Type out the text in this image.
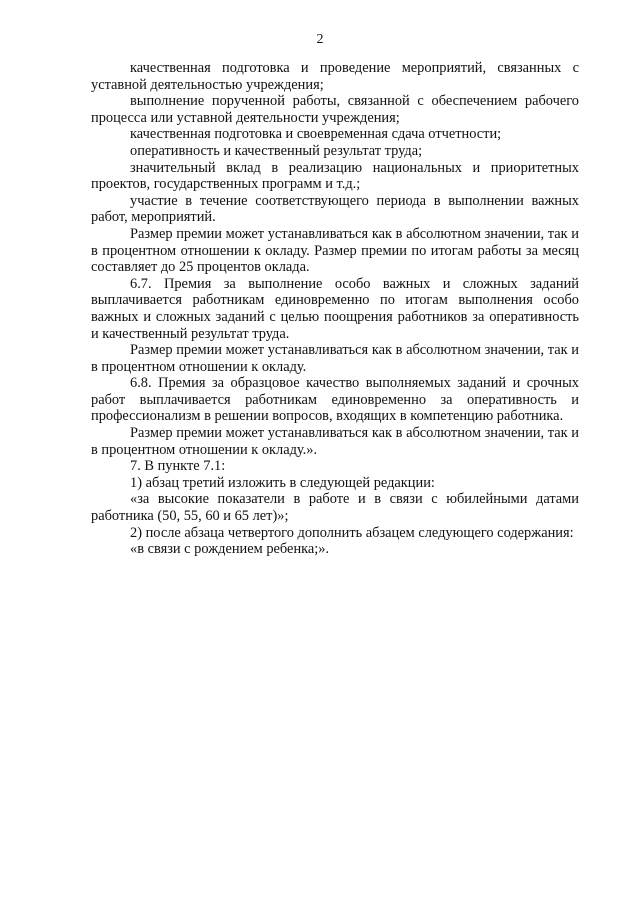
2

качественная подготовка и проведение мероприятий, связанных с уставной деятельностью учреждения;

выполнение порученной работы, связанной с обеспечением рабочего процесса или уставной деятельности учреждения;

качественная подготовка и своевременная сдача отчетности;

оперативность и качественный результат труда;

значительный вклад в реализацию национальных и приоритетных проектов, государственных программ и т.д.;

участие в течение соответствующего периода в выполнении важных работ, мероприятий.

Размер премии может устанавливаться как в абсолютном значении, так и в процентном отношении к окладу. Размер премии по итогам работы за месяц составляет до 25 процентов оклада.

6.7. Премия за выполнение особо важных и сложных заданий выплачивается работникам единовременно по итогам выполнения особо важных и сложных заданий с целью поощрения работников за оперативность и качественный результат труда.

Размер премии может устанавливаться как в абсолютном значении, так и в процентном отношении к окладу.

6.8. Премия за образцовое качество выполняемых заданий и срочных работ выплачивается работникам единовременно за оперативность и профессионализм в решении вопросов, входящих в компетенцию работника.

Размер премии может устанавливаться как в абсолютном значении, так и в процентном отношении к окладу.».

7. В пункте 7.1:

1) абзац третий изложить в следующей редакции:

«за высокие показатели в работе и в связи с юбилейными датами работника (50, 55, 60 и 65 лет)»;

2) после абзаца четвертого дополнить абзацем следующего содержания:

«в связи с рождением ребенка;».
